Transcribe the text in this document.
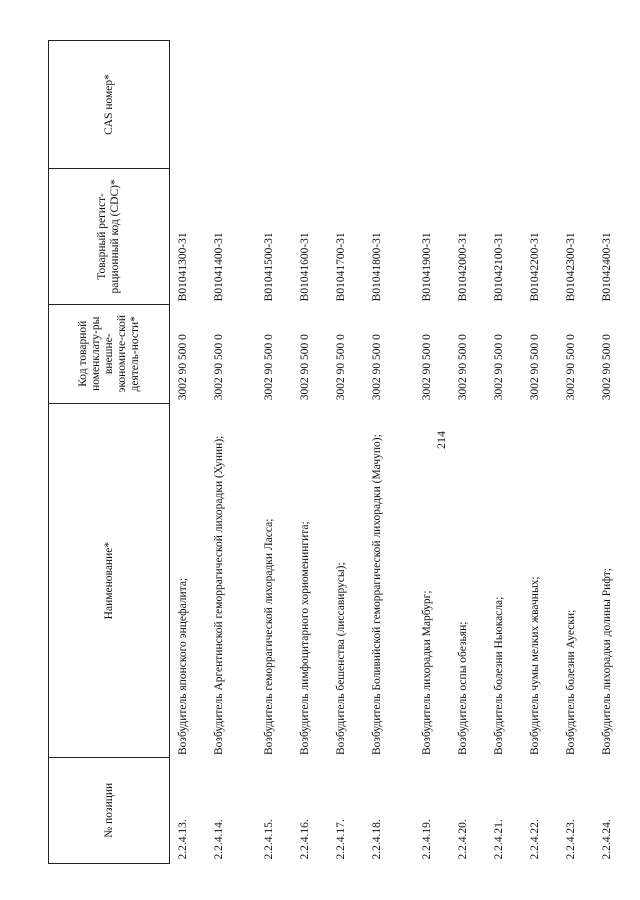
214
№ позиции	Наименование*	Код товарной номенклату-ры внешне-экономиче-ской деятель-ности*	Товарный регист-рационный код (CDC)*	CAS номер*
2.2.4.13.	Возбудитель японского энцефалита;	3002 90 500 0	B01041300-31	
2.2.4.14.	Возбудитель Аргентинской геморрагической лихорадки (Хунин);	3002 90 500 0	B01041400-31	
2.2.4.15.	Возбудитель геморрагической лихорадки Ласса;	3002 90 500 0	B01041500-31	
2.2.4.16.	Возбудитель лимфоцитарного хориоменингита;	3002 90 500 0	B01041600-31	
2.2.4.17.	Возбудитель бешенства (лиссавирусы);	3002 90 500 0	B01041700-31	
2.2.4.18.	Возбудитель Боливийской геморрагической лихорадки (Мачупо);	3002 90 500 0	B01041800-31	
2.2.4.19.	Возбудитель лихорадки Марбург;	3002 90 500 0	B01041900-31	
2.2.4.20.	Возбудитель оспы обезьян;	3002 90 500 0	B01042000-31	
2.2.4.21.	Возбудитель болезни Ньюкасла;	3002 90 500 0	B01042100-31	
2.2.4.22.	Возбудитель чумы мелких жвачных;	3002 90 500 0	B01042200-31	
2.2.4.23.	Возбудитель болезни Ауески;	3002 90 500 0	B01042300-31	
2.2.4.24.	Возбудитель лихорадки долины Рифт;	3002 90 500 0	B01042400-31	
